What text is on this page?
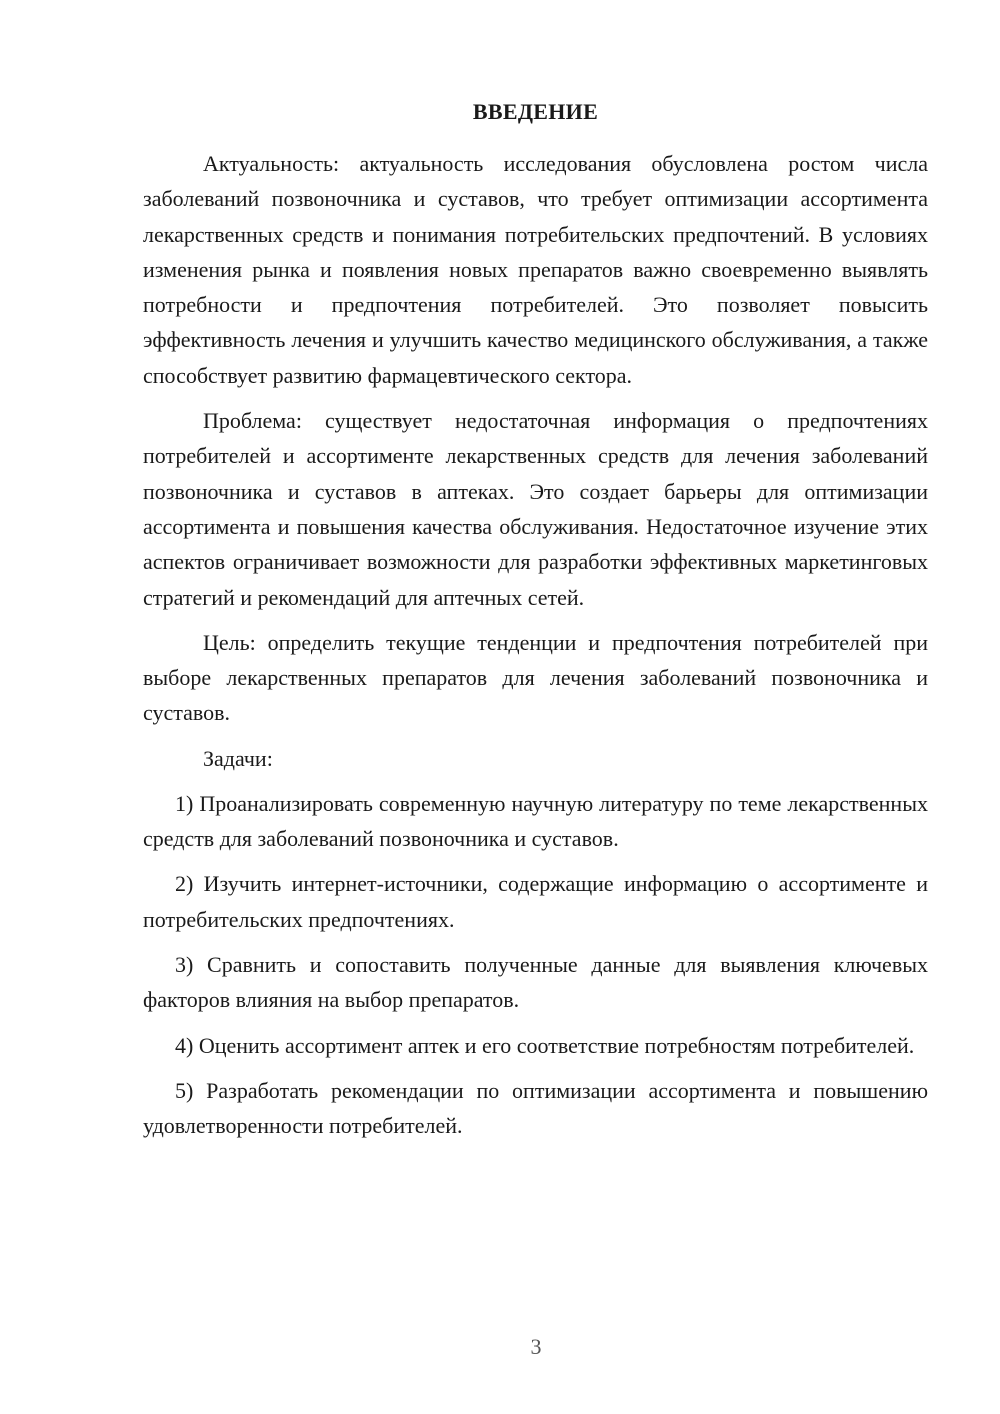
ВВЕДЕНИЕ

Актуальность: актуальность исследования обусловлена ростом числа заболеваний позвоночника и суставов, что требует оптимизации ассортимента лекарственных средств и понимания потребительских предпочтений. В условиях изменения рынка и появления новых препаратов важно своевременно выявлять потребности и предпочтения потребителей. Это позволяет повысить эффективность лечения и улучшить качество медицинского обслуживания, а также способствует развитию фармацевтического сектора.

Проблема: существует недостаточная информация о предпочтениях потребителей и ассортименте лекарственных средств для лечения заболеваний позвоночника и суставов в аптеках. Это создает барьеры для оптимизации ассортимента и повышения качества обслуживания. Недостаточное изучение этих аспектов ограничивает возможности для разработки эффективных маркетинговых стратегий и рекомендаций для аптечных сетей.

Цель: определить текущие тенденции и предпочтения потребителей при выборе лекарственных препаратов для лечения заболеваний позвоночника и суставов.

Задачи:

1) Проанализировать современную научную литературу по теме лекарственных средств для заболеваний позвоночника и суставов.

2) Изучить интернет-источники, содержащие информацию о ассортименте и потребительских предпочтениях.

3) Сравнить и сопоставить полученные данные для выявления ключевых факторов влияния на выбор препаратов.

4) Оценить ассортимент аптек и его соответствие потребностям потребителей.

5) Разработать рекомендации по оптимизации ассортимента и повышению удовлетворенности потребителей.

3
